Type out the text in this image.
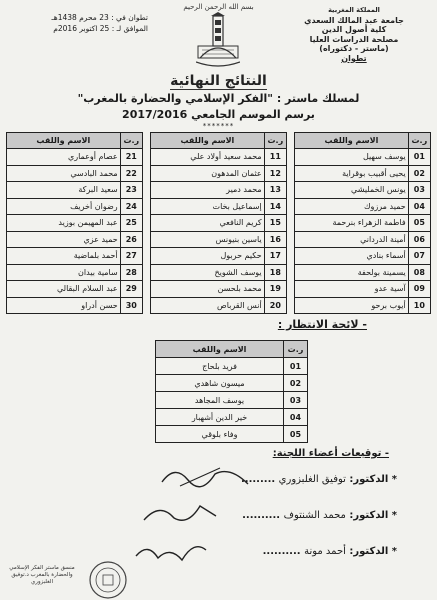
بسم الله الرحمن الرحيم	المملكة المغربية
جامعة عبد المالك السعدي
كلية أصول الدين
مصلحة الدراسات العليا
(ماستر - دكتوراه)
تطوان
تطوان في : 23 محرم 1438هـ
الموافق لـ : 25 اكتوبر 2016م
النتائج النهائية
لمسلك ماستر : "الفكر الإسلامي والحضارة بالمغرب"
برسم الموسم الجامعي 2017/2016
*******
ر.ت	الاسم واللقب		ر.ت	الاسم واللقب		ر.ت	الاسم واللقب
01	يوسف سهيل		11	محمد سعيد أولاد علي		21	عصام أوعماري
02	يحيى أقبيب بوقراية		12	عثمان المدهون		22	محمد البادسي
03	يونس الخمليشي		13	محمد دمير		23	سعيد البركة
04	حميد مرزوك		14	إسماعيل بخات		24	رضوان أخريف
05	فاطمة الزهراء بنرحمة		15	كريم النافعي		25	عبد المهيمن بوزيد
06	أمينة الدرداني		16	ياسين بنيونس		26	حميد عزي
07	أسماء بنادي		17	حكيم حربول		27	أحمد بلماضية
08	يسمينة بولحفة		18	يوسف الشويخ		28	سامية بيدان
09	آسية عدو		19	محمد بلحسن		29	عبد السلام البقالي
10	أيوب برحو		20	أنس القرباص		30	حسن أدراو
- لائحة الانتظار :
ر.ت	الاسم واللقب
01	فريد بلحاج
02	ميسون شاهدي
03	يوسف المجاهد
04	خير الدين أشهبار
05	وفاء بلوقي
- توقيعات أعضاء اللجنة:
* الدكتور: توفيق الغلبزوري .........
* الدكتور: محمد الشنتوف ..........
* الدكتور: أحمد مونة ..........
منسق ماستر الفكر الإسلامي والحضارة بالمغرب د.توفيق الغلبزوري
